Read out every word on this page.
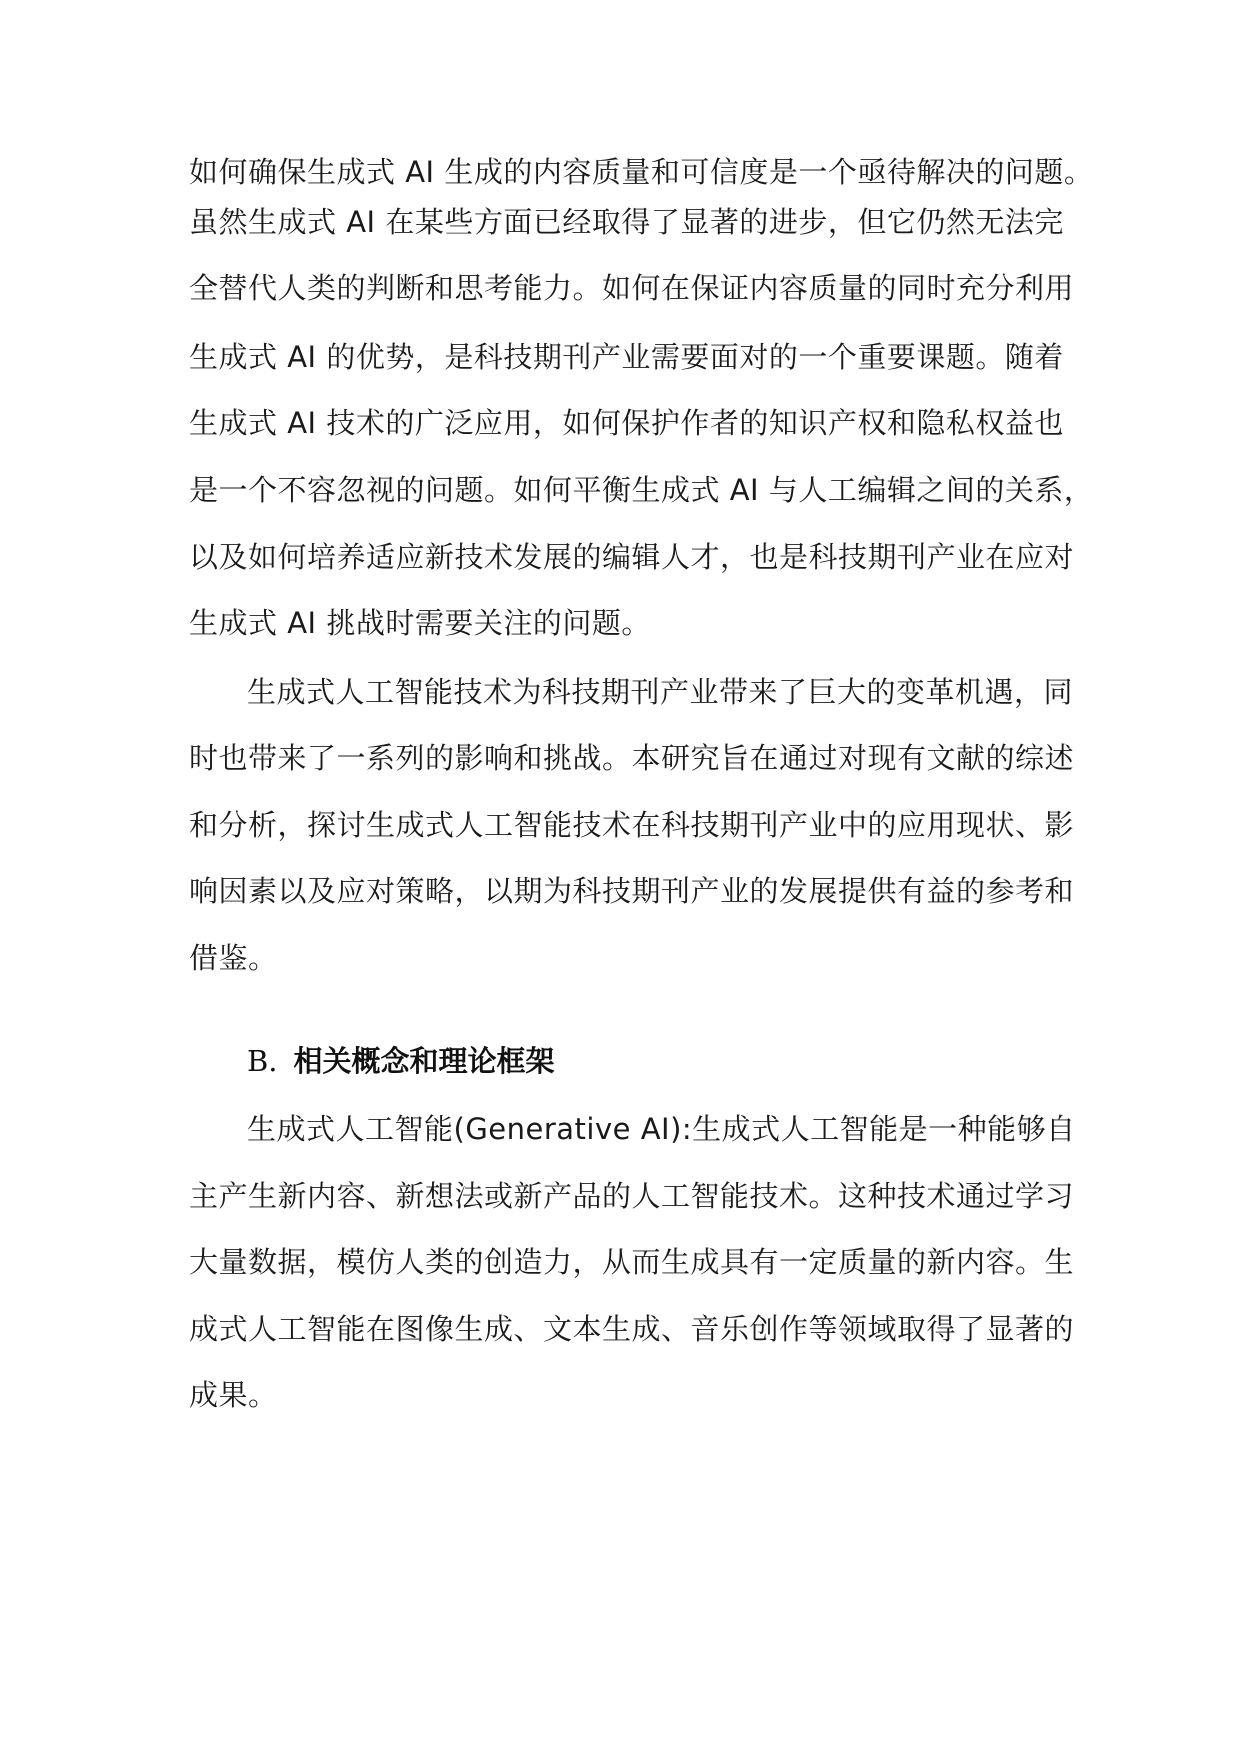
如何确保生成式 AI 生成的内容质量和可信度是一个亟待解决的问题。
虽然生成式 AI 在某些方面已经取得了显著的进步，但它仍然无法完
全替代人类的判断和思考能力。如何在保证内容质量的同时充分利用
生成式 AI 的优势，是科技期刊产业需要面对的一个重要课题。随着
生成式 AI 技术的广泛应用，如何保护作者的知识产权和隐私权益也
是一个不容忽视的问题。如何平衡生成式 AI 与人工编辑之间的关系，
以及如何培养适应新技术发展的编辑人才，也是科技期刊产业在应对
生成式 AI 挑战时需要关注的问题。
生成式人工智能技术为科技期刊产业带来了巨大的变革机遇，同
时也带来了一系列的影响和挑战。本研究旨在通过对现有文献的综述
和分析，探讨生成式人工智能技术在科技期刊产业中的应用现状、影
响因素以及应对策略，以期为科技期刊产业的发展提供有益的参考和
借鉴。
B. 相关概念和理论框架
生成式人工智能(Generative AI):生成式人工智能是一种能够自
主产生新内容、新想法或新产品的人工智能技术。这种技术通过学习
大量数据，模仿人类的创造力，从而生成具有一定质量的新内容。生
成式人工智能在图像生成、文本生成、音乐创作等领域取得了显著的
成果。
